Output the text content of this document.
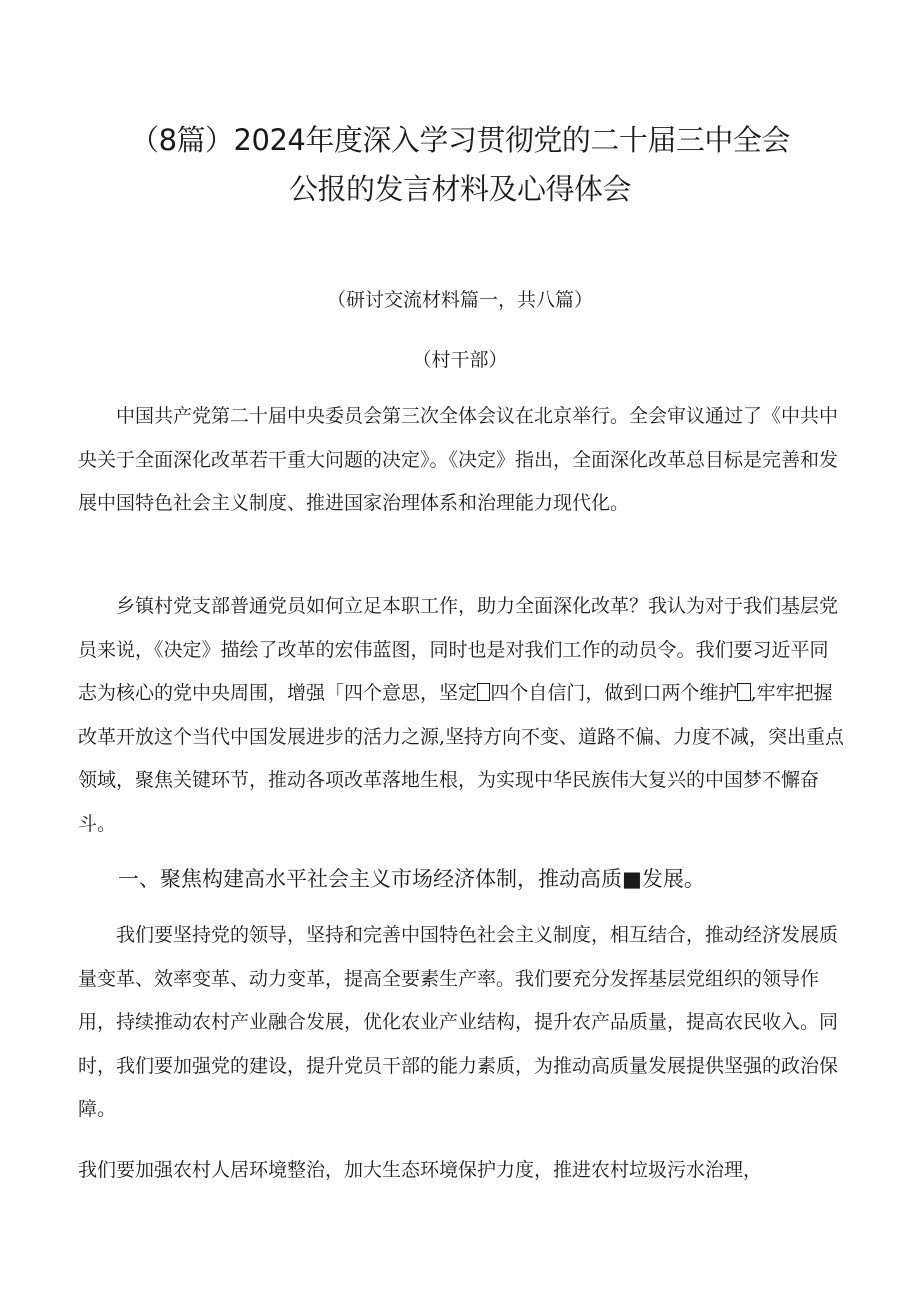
（8篇）2024年度深入学习贯彻党的二十届三中全会
公报的发言材料及心得体会
（研讨交流材料篇一，共八篇）
（村干部）

中国共产党第二十届中央委员会第三次全体会议在北京举行。全会审议通过了《中共中央关于全面深化改革若干重大问题的决定》。《决定》指出，全面深化改革总目标是完善和发展中国特色社会主义制度、推进国家治理体系和治理能力现代化。

乡镇村党支部普通党员如何立足本职工作，助力全面深化改革？我认为对于我们基层党员来说，《决定》描绘了改革的宏伟蓝图，同时也是对我们工作的动员令。我们要习近平同志为核心的党中央周围，增强「四个意思，坚定 四个自信门，做到口两个维护 ,牢牢把握改革开放这个当代中国发展进步的活力之源,坚持方向不变、道路不偏、力度不减，突出重点领域，聚焦关键环节，推动各项改革落地生根，为实现中华民族伟大复兴的中国梦不懈奋斗。

一、聚焦构建高水平社会主义市场经济体制，推动高质■发展。

我们要坚持党的领导，坚持和完善中国特色社会主义制度，相互结合，推动经济发展质量变革、效率变革、动力变革，提高全要素生产率。我们要充分发挥基层党组织的领导作用，持续推动农村产业融合发展，优化农业产业结构，提升农产品质量，提高农民收入。同时，我们要加强党的建设，提升党员干部的能力素质，为推动高质量发展提供坚强的政治保障。

我们要加强农村人居环境整治，加大生态环境保护力度，推进农村垃圾污水治理，
